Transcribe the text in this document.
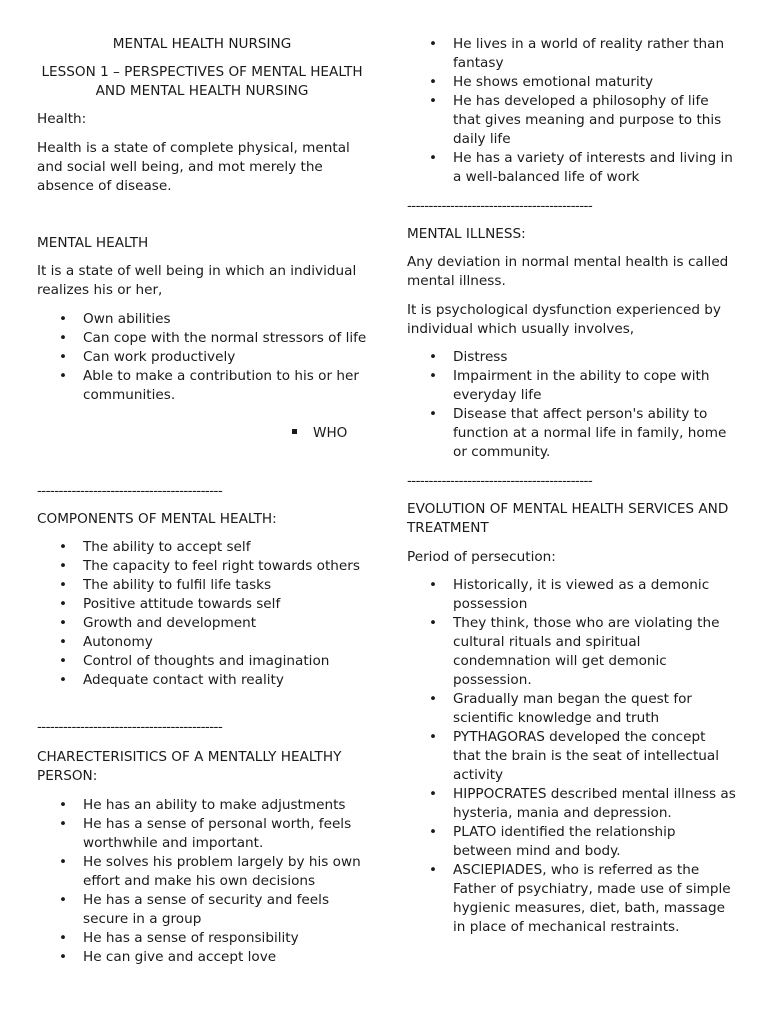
MENTAL HEALTH NURSING

LESSON 1 – PERSPECTIVES OF MENTAL HEALTH AND MENTAL HEALTH NURSING

Health:

Health is a state of complete physical, mental and social well being, and mot merely the absence of disease.

MENTAL HEALTH

It is a state of well being in which an individual realizes his or her,

• Own abilities
• Can cope with the normal stressors of life
• Can work productively
• Able to make a contribution to his or her communities.
WHO

-------------------------------------------

COMPONENTS OF MENTAL HEALTH:

• The ability to accept self
• The capacity to feel right towards others
• The ability to fulfil life tasks
• Positive attitude towards self
• Growth and development
• Autonomy
• Control of thoughts and imagination
• Adequate contact with reality

-------------------------------------------

CHARECTERISITICS OF A MENTALLY HEALTHY PERSON:

• He has an ability to make adjustments
• He has a sense of personal worth, feels worthwhile and important.
• He solves his problem largely by his own effort and make his own decisions
• He has a sense of security and feels secure in a group
• He has a sense of responsibility
• He can give and accept love
• He lives in a world of reality rather than fantasy
• He shows emotional maturity
• He has developed a philosophy of life that gives meaning and purpose to this daily life
• He has a variety of interests and living in a well-balanced life of work

-------------------------------------------

MENTAL ILLNESS:

Any deviation in normal mental health is called mental illness.

It is psychological dysfunction experienced by individual which usually involves,

• Distress
• Impairment in the ability to cope with everyday life
• Disease that affect person's ability to function at a normal life in family, home or community.

-------------------------------------------

EVOLUTION OF MENTAL HEALTH SERVICES AND TREATMENT

Period of persecution:

• Historically, it is viewed as a demonic possession
• They think, those who are violating the cultural rituals and spiritual condemnation will get demonic possession.
• Gradually man began the quest for scientific knowledge and truth
• PYTHAGORAS developed the concept that the brain is the seat of intellectual activity
• HIPPOCRATES described mental illness as hysteria, mania and depression.
• PLATO identified the relationship between mind and body.
• ASCIEPIADES, who is referred as the Father of psychiatry, made use of simple hygienic measures, diet, bath, massage in place of mechanical restraints.
